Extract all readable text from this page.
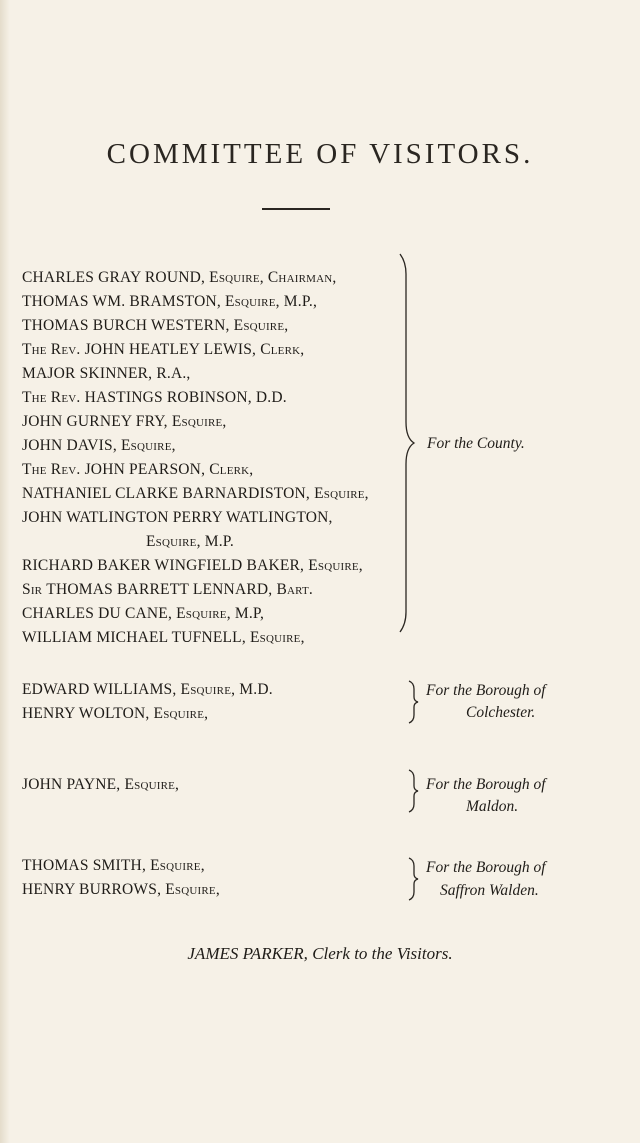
COMMITTEE OF VISITORS.
CHARLES GRAY ROUND, Esquire, Chairman,
THOMAS WM. BRAMSTON, Esquire, M.P.,
THOMAS BURCH WESTERN, Esquire,
The Rev. JOHN HEATLEY LEWIS, Clerk,
MAJOR SKINNER, R.A.,
The Rev. HASTINGS ROBINSON, D.D.
JOHN GURNEY FRY, Esquire,
JOHN DAVIS, Esquire,
The Rev. JOHN PEARSON, Clerk,
NATHANIEL CLARKE BARNARDISTON, Esquire,
JOHN WATLINGTON PERRY WATLINGTON,
Esquire, M.P.
RICHARD BAKER WINGFIELD BAKER, Esquire,
Sir THOMAS BARRETT LENNARD, Bart.
CHARLES DU CANE, Esquire, M.P,
WILLIAM MICHAEL TUFNELL, Esquire,
For the County.
EDWARD WILLIAMS, Esquire, M.D.
HENRY WOLTON, Esquire,
For the Borough of
Colchester.
JOHN PAYNE, Esquire,	For the Borough of
Maldon.
THOMAS SMITH, Esquire,
HENRY BURROWS, Esquire,
For the Borough of
Saffron Walden.
JAMES PARKER, Clerk to the Visitors.
